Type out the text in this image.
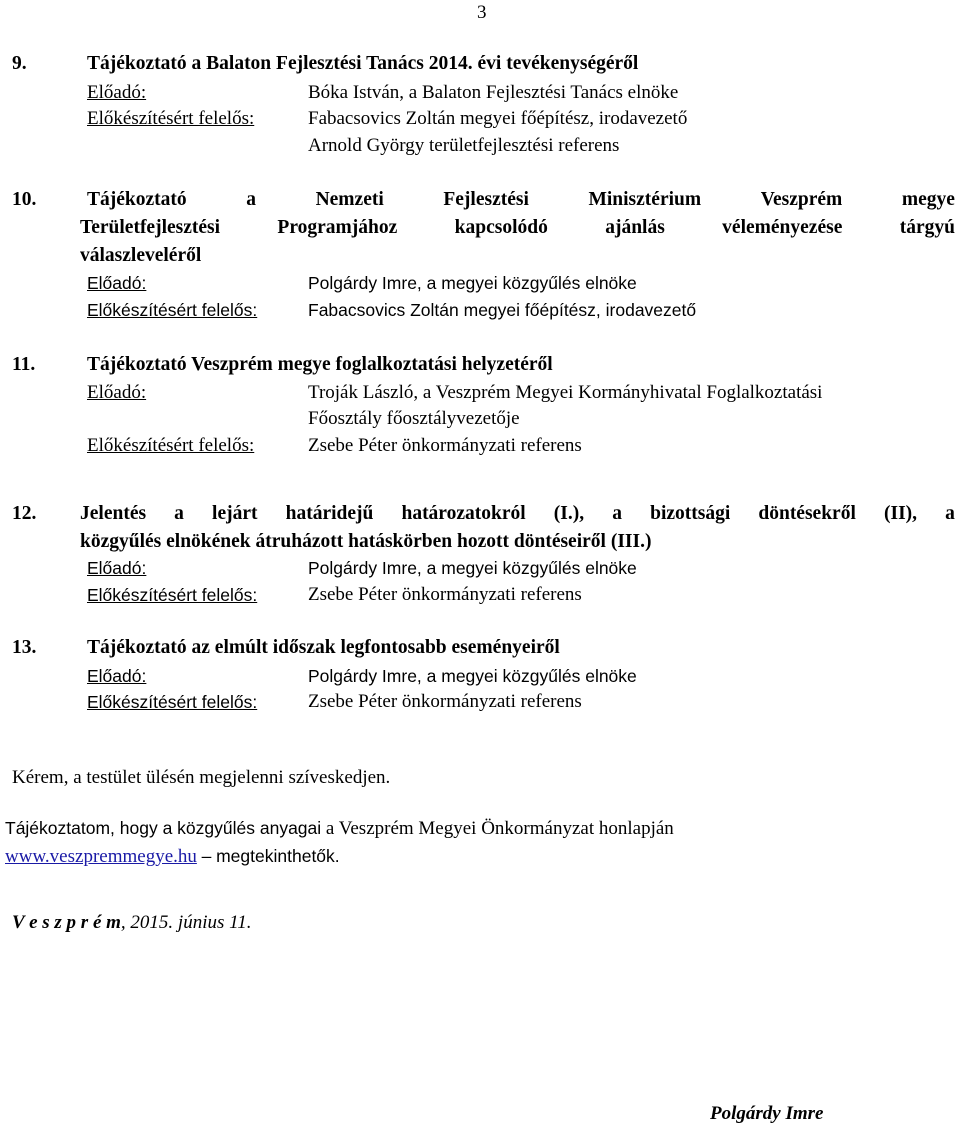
3
9.	Tájékoztató a Balaton Fejlesztési Tanács 2014. évi tevékenységéről
Előadó:	Bóka István, a Balaton Fejlesztési Tanács elnöke
Előkészítésért felelős:	Fabacsovics Zoltán megyei főépítész, irodavezető
Arnold György területfejlesztési referens
10.	Tájékoztató	a	Nemzeti	Fejlesztési	Minisztérium	Veszprém	megye
Területfejlesztési	Programjához	kapcsolódó	ajánlás	véleményezése	tárgyú
válaszleveléről
Előadó:	Polgárdy Imre, a megyei közgyűlés elnöke
Előkészítésért felelős:	Fabacsovics Zoltán megyei főépítész, irodavezető
11.	Tájékoztató Veszprém megye foglalkoztatási helyzetéről
Előadó:	Troják László, a Veszprém Megyei Kormányhivatal Foglalkoztatási
Főosztály főosztályvezetője
Előkészítésért felelős:	Zsebe Péter önkormányzati referens
12. Jelentés a lejárt határidejű határozatokról (I.), a bizottsági döntésekről (II), a
közgyűlés elnökének átruházott hatáskörben hozott döntéseiről (III.)
Előadó:	Polgárdy Imre, a megyei közgyűlés elnöke
Előkészítésért felelős:	Zsebe Péter önkormányzati referens
13.	Tájékoztató az elmúlt időszak legfontosabb eseményeiről
Előadó:	Polgárdy Imre, a megyei közgyűlés elnöke
Előkészítésért felelős:	Zsebe Péter önkormányzati referens
Kérem, a testület ülésén megjelenni szíveskedjen.
Tájékoztatom, hogy a közgyűlés anyagai a Veszprém Megyei Önkormányzat honlapján
www.veszpremmegye.hu – megtekinthetők.
V e s z p r é m, 2015. június 11.
Polgárdy Imre
